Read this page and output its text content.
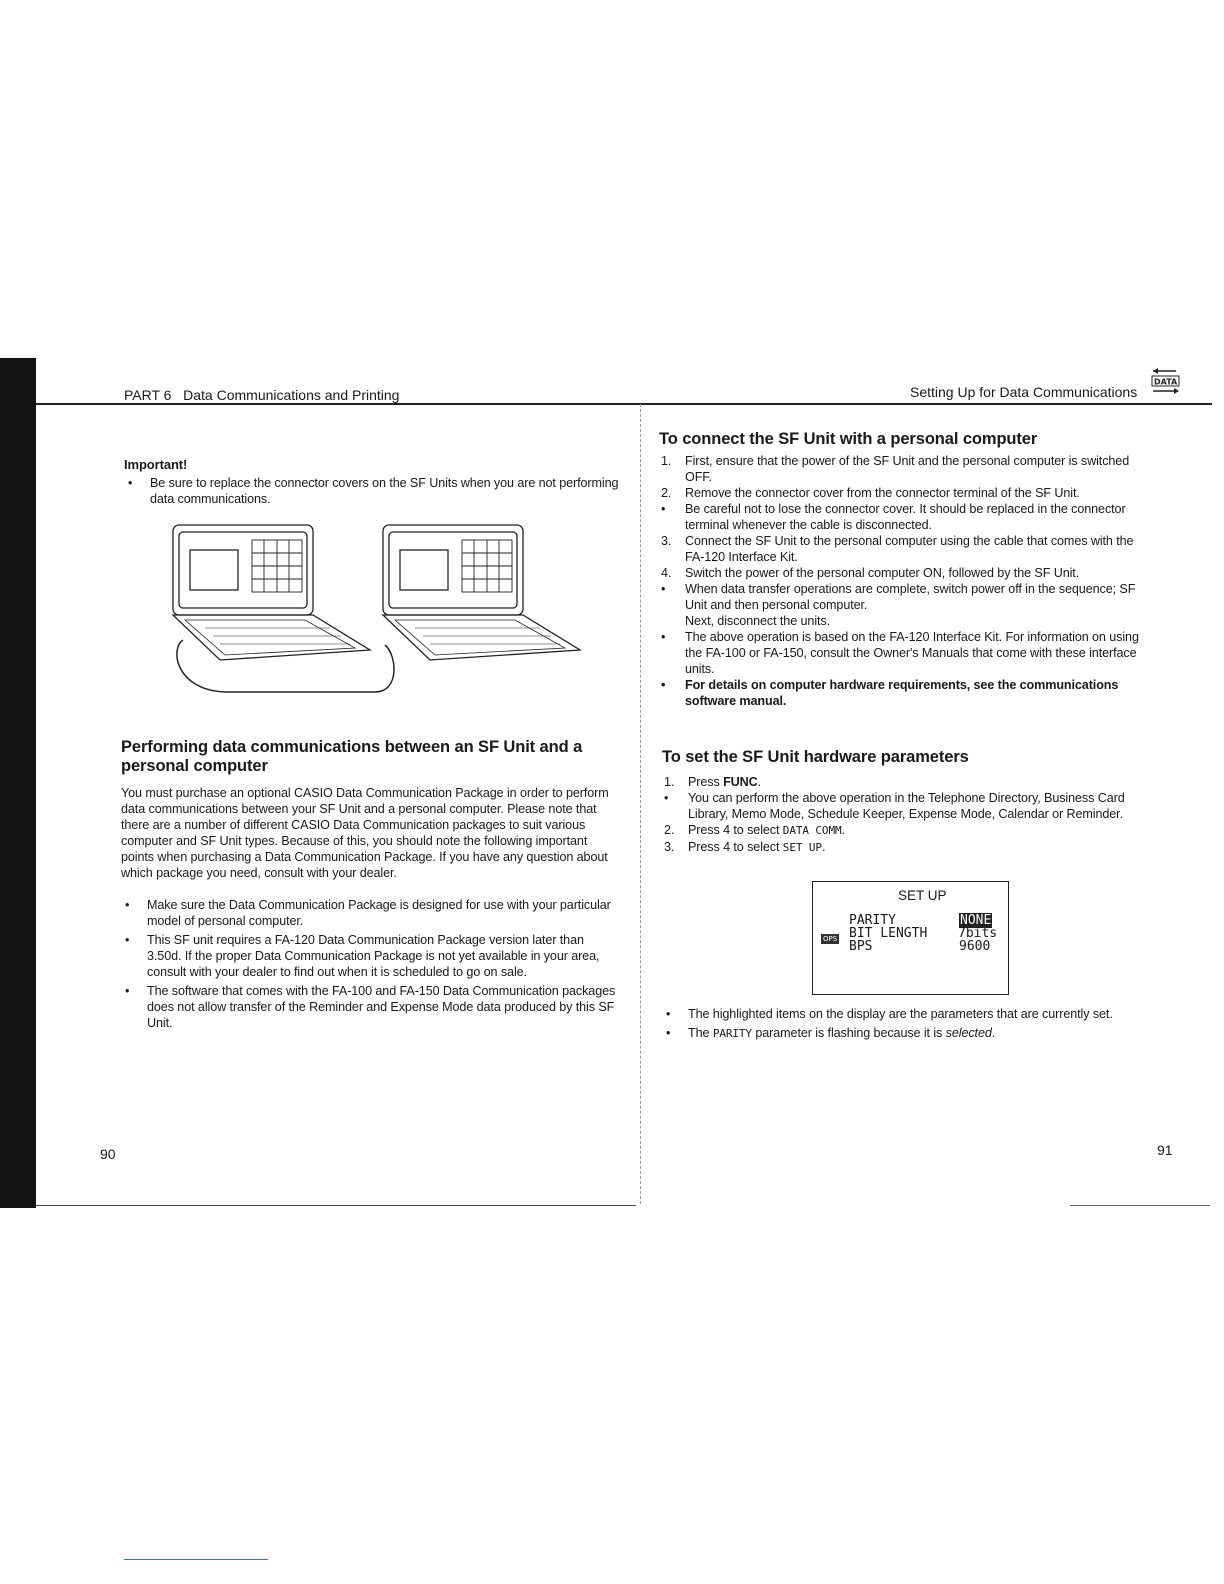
PART 6   Data Communications and Printing	Setting Up for Data Communications
DATA

Important!

• Be sure to replace the connector covers on the SF Units when you are not performing data communications.

Performing data communications between an SF Unit and a personal computer

You must purchase an optional CASIO Data Communication Package in order to perform data communications between your SF Unit and a personal computer. Please note that there are a number of different CASIO Data Communication packages to suit various computer and SF Unit types. Because of this, you should note the following important points when purchasing a Data Communication Package. If you have any question about which package you need, consult with your dealer.

• Make sure the Data Communication Package is designed for use with your particular model of personal computer.
• This SF unit requires a FA-120 Data Communication Package version later than 3.50d. If the proper Data Communication Package is not yet available in your area, consult with your dealer to find out when it is scheduled to go on sale.
• The software that comes with the FA-100 and FA-150 Data Communication packages does not allow transfer of the Reminder and Expense Mode data produced by this SF Unit.
90

To connect the SF Unit with a personal computer

1. First, ensure that the power of the SF Unit and the personal computer is switched OFF.
2. Remove the connector cover from the connector terminal of the SF Unit.
• Be careful not to lose the connector cover. It should be replaced in the connector terminal whenever the cable is disconnected.
3. Connect the SF Unit to the personal computer using the cable that comes with the FA-120 Interface Kit.
4. Switch the power of the personal computer ON, followed by the SF Unit.
• When data transfer operations are complete, switch power off in the sequence; SF Unit and then personal computer.
Next, disconnect the units.
• The above operation is based on the FA-120 Interface Kit. For information on using the FA-100 or FA-150, consult the Owner's Manuals that come with these interface units.
• For details on computer hardware requirements, see the communications software manual.

To set the SF Unit hardware parameters

1. Press FUNC.
• You can perform the above operation in the Telephone Directory, Business Card Library, Memo Mode, Schedule Keeper, Expense Mode, Calendar or Reminder.
2. Press 4 to select DATA COMM.
3. Press 4 to select SET UP.
SET UP
PARITY	NONE
BIT LENGTH 7bits
BPS	9600
OPS
• The highlighted items on the display are the parameters that are currently set.
• The PARITY parameter is flashing because it is selected.
91
